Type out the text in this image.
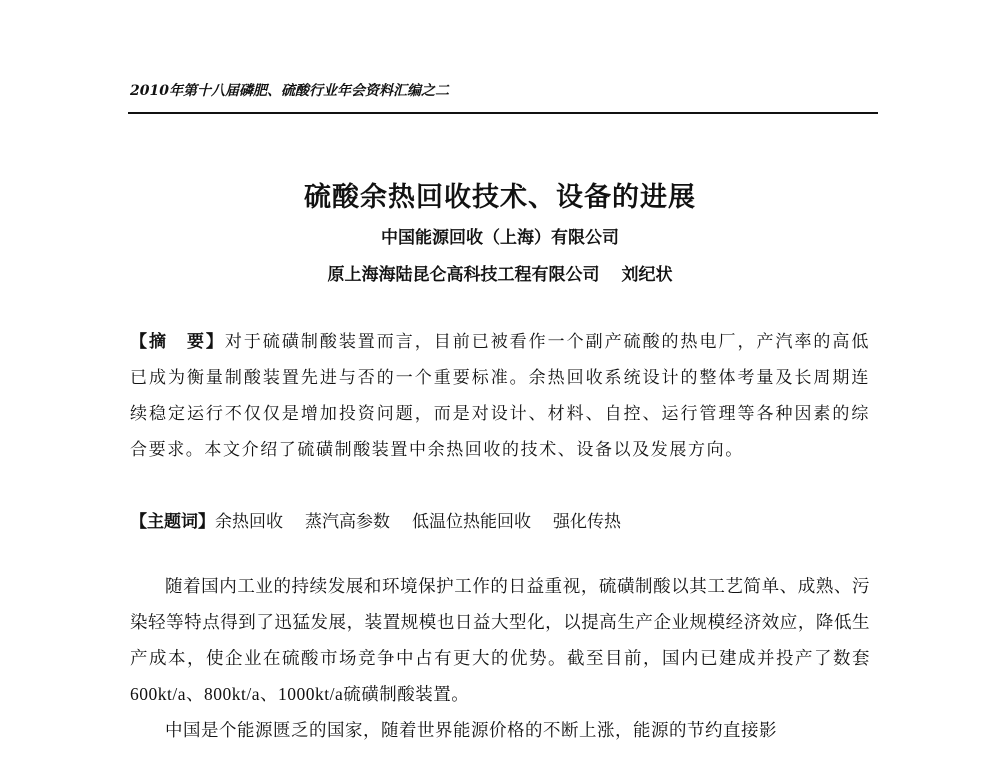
2010年第十八届磷肥、硫酸行业年会资料汇编之二
硫酸余热回收技术、设备的进展
中国能源回收（上海）有限公司
原上海海陆昆仑高科技工程有限公司 刘纪状
【摘　要】对于硫磺制酸装置而言，目前已被看作一个副产硫酸的热电厂，产汽率的高低已成为衡量制酸装置先进与否的一个重要标准。余热回收系统设计的整体考量及长周期连续稳定运行不仅仅是增加投资问题，而是对设计、材料、自控、运行管理等各种因素的综合要求。本文介绍了硫磺制酸装置中余热回收的技术、设备以及发展方向。
【主题词】余热回收 蒸汽高参数 低温位热能回收 强化传热

随着国内工业的持续发展和环境保护工作的日益重视，硫磺制酸以其工艺简单、成熟、污染轻等特点得到了迅猛发展，装置规模也日益大型化，以提高生产企业规模经济效应，降低生产成本，使企业在硫酸市场竞争中占有更大的优势。截至目前，国内已建成并投产了数套600kt/a、800kt/a、1000kt/a硫磺制酸装置。

中国是个能源匮乏的国家，随着世界能源价格的不断上涨，能源的节约直接影
